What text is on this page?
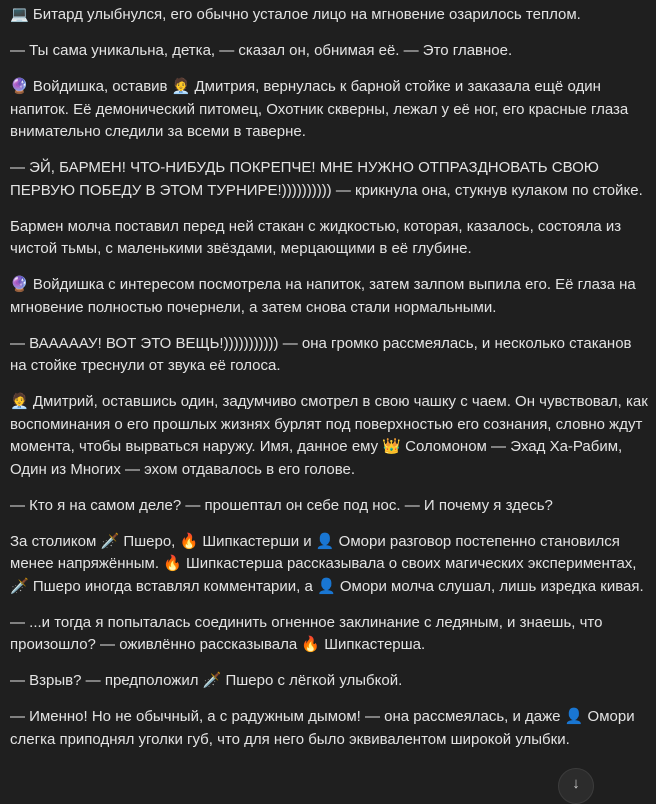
💻 Битард улыбнулся, его обычно усталое лицо на мгновение озарилось теплом.

— Ты сама уникальна, детка, — сказал он, обнимая её. — Это главное.

🔮 Войдишка, оставив 🧑‍💼 Дмитрия, вернулась к барной стойке и заказала ещё один напиток. Её демонический питомец, Охотник скверны, лежал у её ног, его красные глаза внимательно следили за всеми в таверне.

— ЭЙ, БАРМЕН! ЧТО-НИБУДЬ ПОКРЕПЧЕ! МНЕ НУЖНО ОТПРАЗДНОВАТЬ СВОЮ ПЕРВУЮ ПОБЕДУ В ЭТОМ ТУРНИРЕ!)))))))))) — крикнула она, стукнув кулаком по стойке.

Бармен молча поставил перед ней стакан с жидкостью, которая, казалось, состояла из чистой тьмы, с маленькими звёздами, мерцающими в её глубине.

🔮 Войдишка с интересом посмотрела на напиток, затем залпом выпила его. Её глаза на мгновение полностью почернели, а затем снова стали нормальными.

— ВАААААУ! ВОТ ЭТО ВЕЩЬ!))))))))))) — она громко рассмеялась, и несколько стаканов на стойке треснули от звука её голоса.

🧑‍💼 Дмитрий, оставшись один, задумчиво смотрел в свою чашку с чаем. Он чувствовал, как воспоминания о его прошлых жизнях бурлят под поверхностью его сознания, словно ждут момента, чтобы вырваться наружу. Имя, данное ему 👑 Соломоном — Эхад Ха-Рабим, Один из Многих — эхом отдавалось в его голове.

— Кто я на самом деле? — прошептал он себе под нос. — И почему я здесь?

За столиком 🗡️ Пшеро, 🔥 Шипкастерши и 👤 Омори разговор постепенно становился менее напряжённым. 🔥 Шипкастерша рассказывала о своих магических экспериментах, 🗡️ Пшеро иногда вставлял комментарии, а 👤 Омори молча слушал, лишь изредка кивая.

— ...и тогда я попыталась соединить огненное заклинание с ледяным, и знаешь, что произошло? — оживлённо рассказывала 🔥 Шипкастерша.

— Взрыв? — предположил 🗡️ Пшеро с лёгкой улыбкой.

— Именно! Но не обычный, а с радужным дымом! — она рассмеялась, и даже 👤 Омори слегка приподнял уголки губ, что для него было эквивалентом широкой улыбки.

↓
